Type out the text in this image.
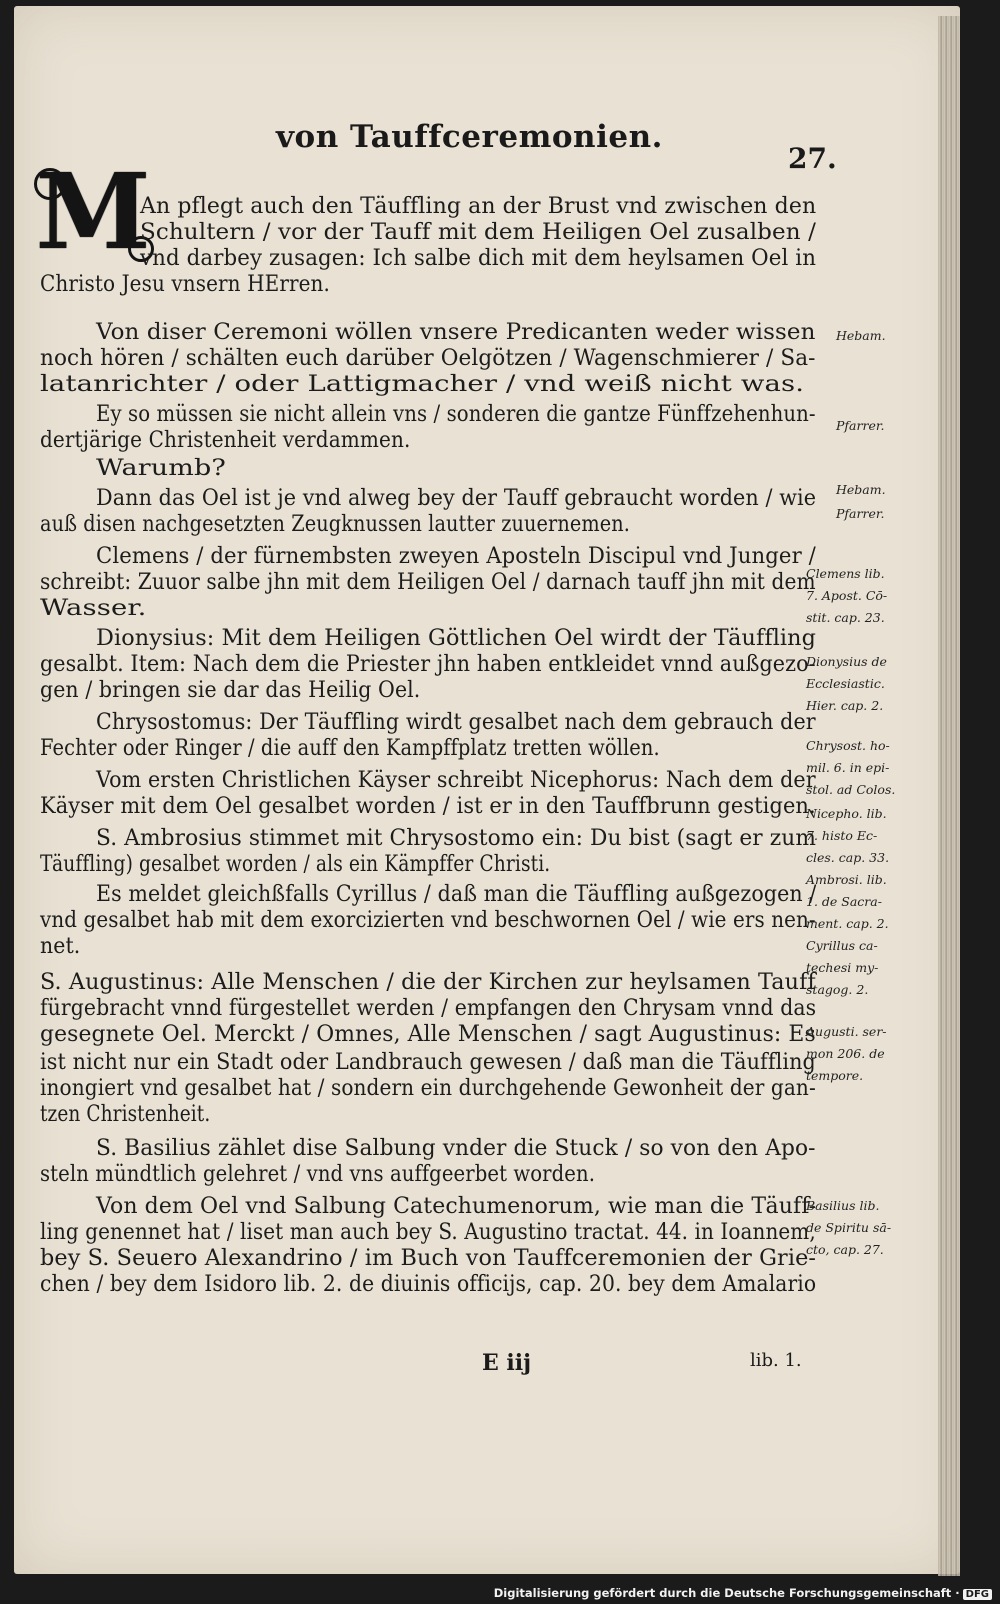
von Tauffceremonien.
27.
M
An pflegt auch den Täuffling an der Brust vnd zwischen den
Schultern / vor der Tauff mit dem Heiligen Oel zusalben /
vnd darbey zusagen: Ich salbe dich mit dem heylsamen Oel in
Christo Jesu vnsern HErren.
Von diser Ceremoni wöllen vnsere Predicanten weder wissen
noch hören / schälten euch darüber Oelgötzen / Wagenschmierer / Sa-
latanrichter / oder Lattigmacher / vnd weiß nicht was.
Ey so müssen sie nicht allein vns / sonderen die gantze Fünffzehenhun-
dertjärige Christenheit verdammen.
Warumb?
Dann das Oel ist je vnd alweg bey der Tauff gebraucht worden / wie
auß disen nachgesetzten Zeugknussen lautter zuuernemen.
Clemens / der fürnembsten zweyen Aposteln Discipul vnd Junger /
schreibt: Zuuor salbe jhn mit dem Heiligen Oel / darnach tauff jhn mit dem
Wasser.
Dionysius: Mit dem Heiligen Göttlichen Oel wirdt der Täuffling
gesalbt. Item: Nach dem die Priester jhn haben entkleidet vnnd außgezo-
gen / bringen sie dar das Heilig Oel.
Chrysostomus: Der Täuffling wirdt gesalbet nach dem gebrauch der
Fechter oder Ringer / die auff den Kampffplatz tretten wöllen.
Vom ersten Christlichen Käyser schreibt Nicephorus: Nach dem der
Käyser mit dem Oel gesalbet worden / ist er in den Tauffbrunn gestigen.
S. Ambrosius stimmet mit Chrysostomo ein: Du bist (sagt er zum
Täuffling) gesalbet worden / als ein Kämpffer Christi.
Es meldet gleichßfalls Cyrillus / daß man die Täuffling außgezogen /
vnd gesalbet hab mit dem exorcizierten vnd beschwornen Oel / wie ers nen-
net.
S. Augustinus: Alle Menschen / die der Kirchen zur heylsamen Tauff
fürgebracht vnnd fürgestellet werden / empfangen den Chrysam vnnd das
gesegnete Oel. Merckt / Omnes, Alle Menschen / sagt Augustinus: Es
ist nicht nur ein Stadt oder Landbrauch gewesen / daß man die Täuffling
inongiert vnd gesalbet hat / sondern ein durchgehende Gewonheit der gan-
tzen Christenheit.
S. Basilius zählet dise Salbung vnder die Stuck / so von den Apo-
steln mündtlich gelehret / vnd vns auffgeerbet worden.
Von dem Oel vnd Salbung Catechumenorum, wie man die Täuff-
ling genennet hat / liset man auch bey S. Augustino tractat. 44. in Ioannem,
bey S. Seuero Alexandrino / im Buch von Tauffceremonien der Grie-
chen / bey dem Isidoro lib. 2. de diuinis officijs, cap. 20. bey dem Amalario
Hebam.
Pfarrer.
Hebam.
Pfarrer.
Clemens lib.
7. Apost. Cō-
stit. cap. 23.
Dionysius de
Ecclesiastic.
Hier. cap. 2.
Chrysost. ho-
mil. 6. in epi-
stol. ad Colos.
Nicepho. lib.
7. histo Ec-
cles. cap. 33.
Ambrosi. lib.
1. de Sacra-
ment. cap. 2.
Cyrillus ca-
techesi my-
stagog. 2.
Augusti. ser-
mon 206. de
tempore.
Basilius lib.
de Spiritu sā-
cto, cap. 27.
E iij	lib. 1.
Digitalisierung gefördert durch die Deutsche Forschungsgemeinschaft · DFG
